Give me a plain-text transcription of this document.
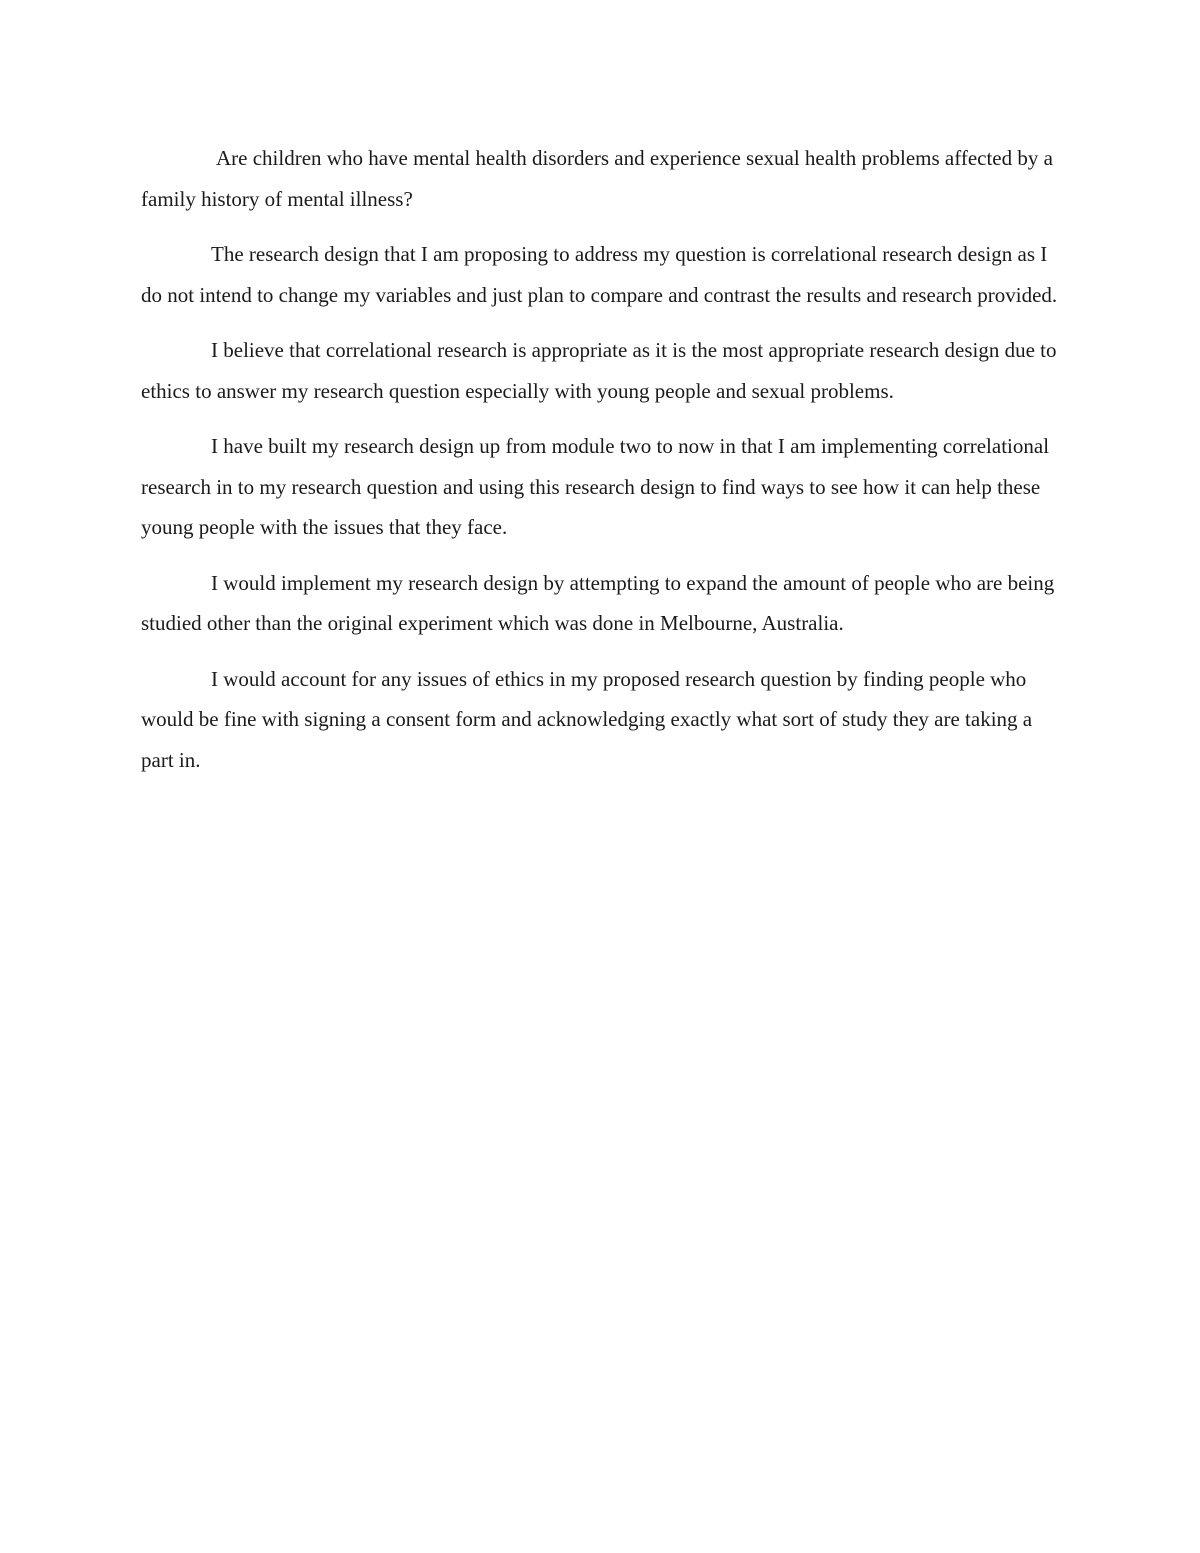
Are children who have mental health disorders and experience sexual health problems affected by a family history of mental illness?

The research design that I am proposing to address my question is correlational research design as I do not intend to change my variables and just plan to compare and contrast the results and research provided.

I believe that correlational research is appropriate as it is the most appropriate research design due to ethics to answer my research question especially with young people and sexual problems.

I have built my research design up from module two to now in that I am implementing correlational research in to my research question and using this research design to find ways to see how it can help these young people with the issues that they face.

I would implement my research design by attempting to expand the amount of people who are being studied other than the original experiment which was done in Melbourne, Australia.

I would account for any issues of ethics in my proposed research question by finding people who would be fine with signing a consent form and acknowledging exactly what sort of study they are taking a part in.
